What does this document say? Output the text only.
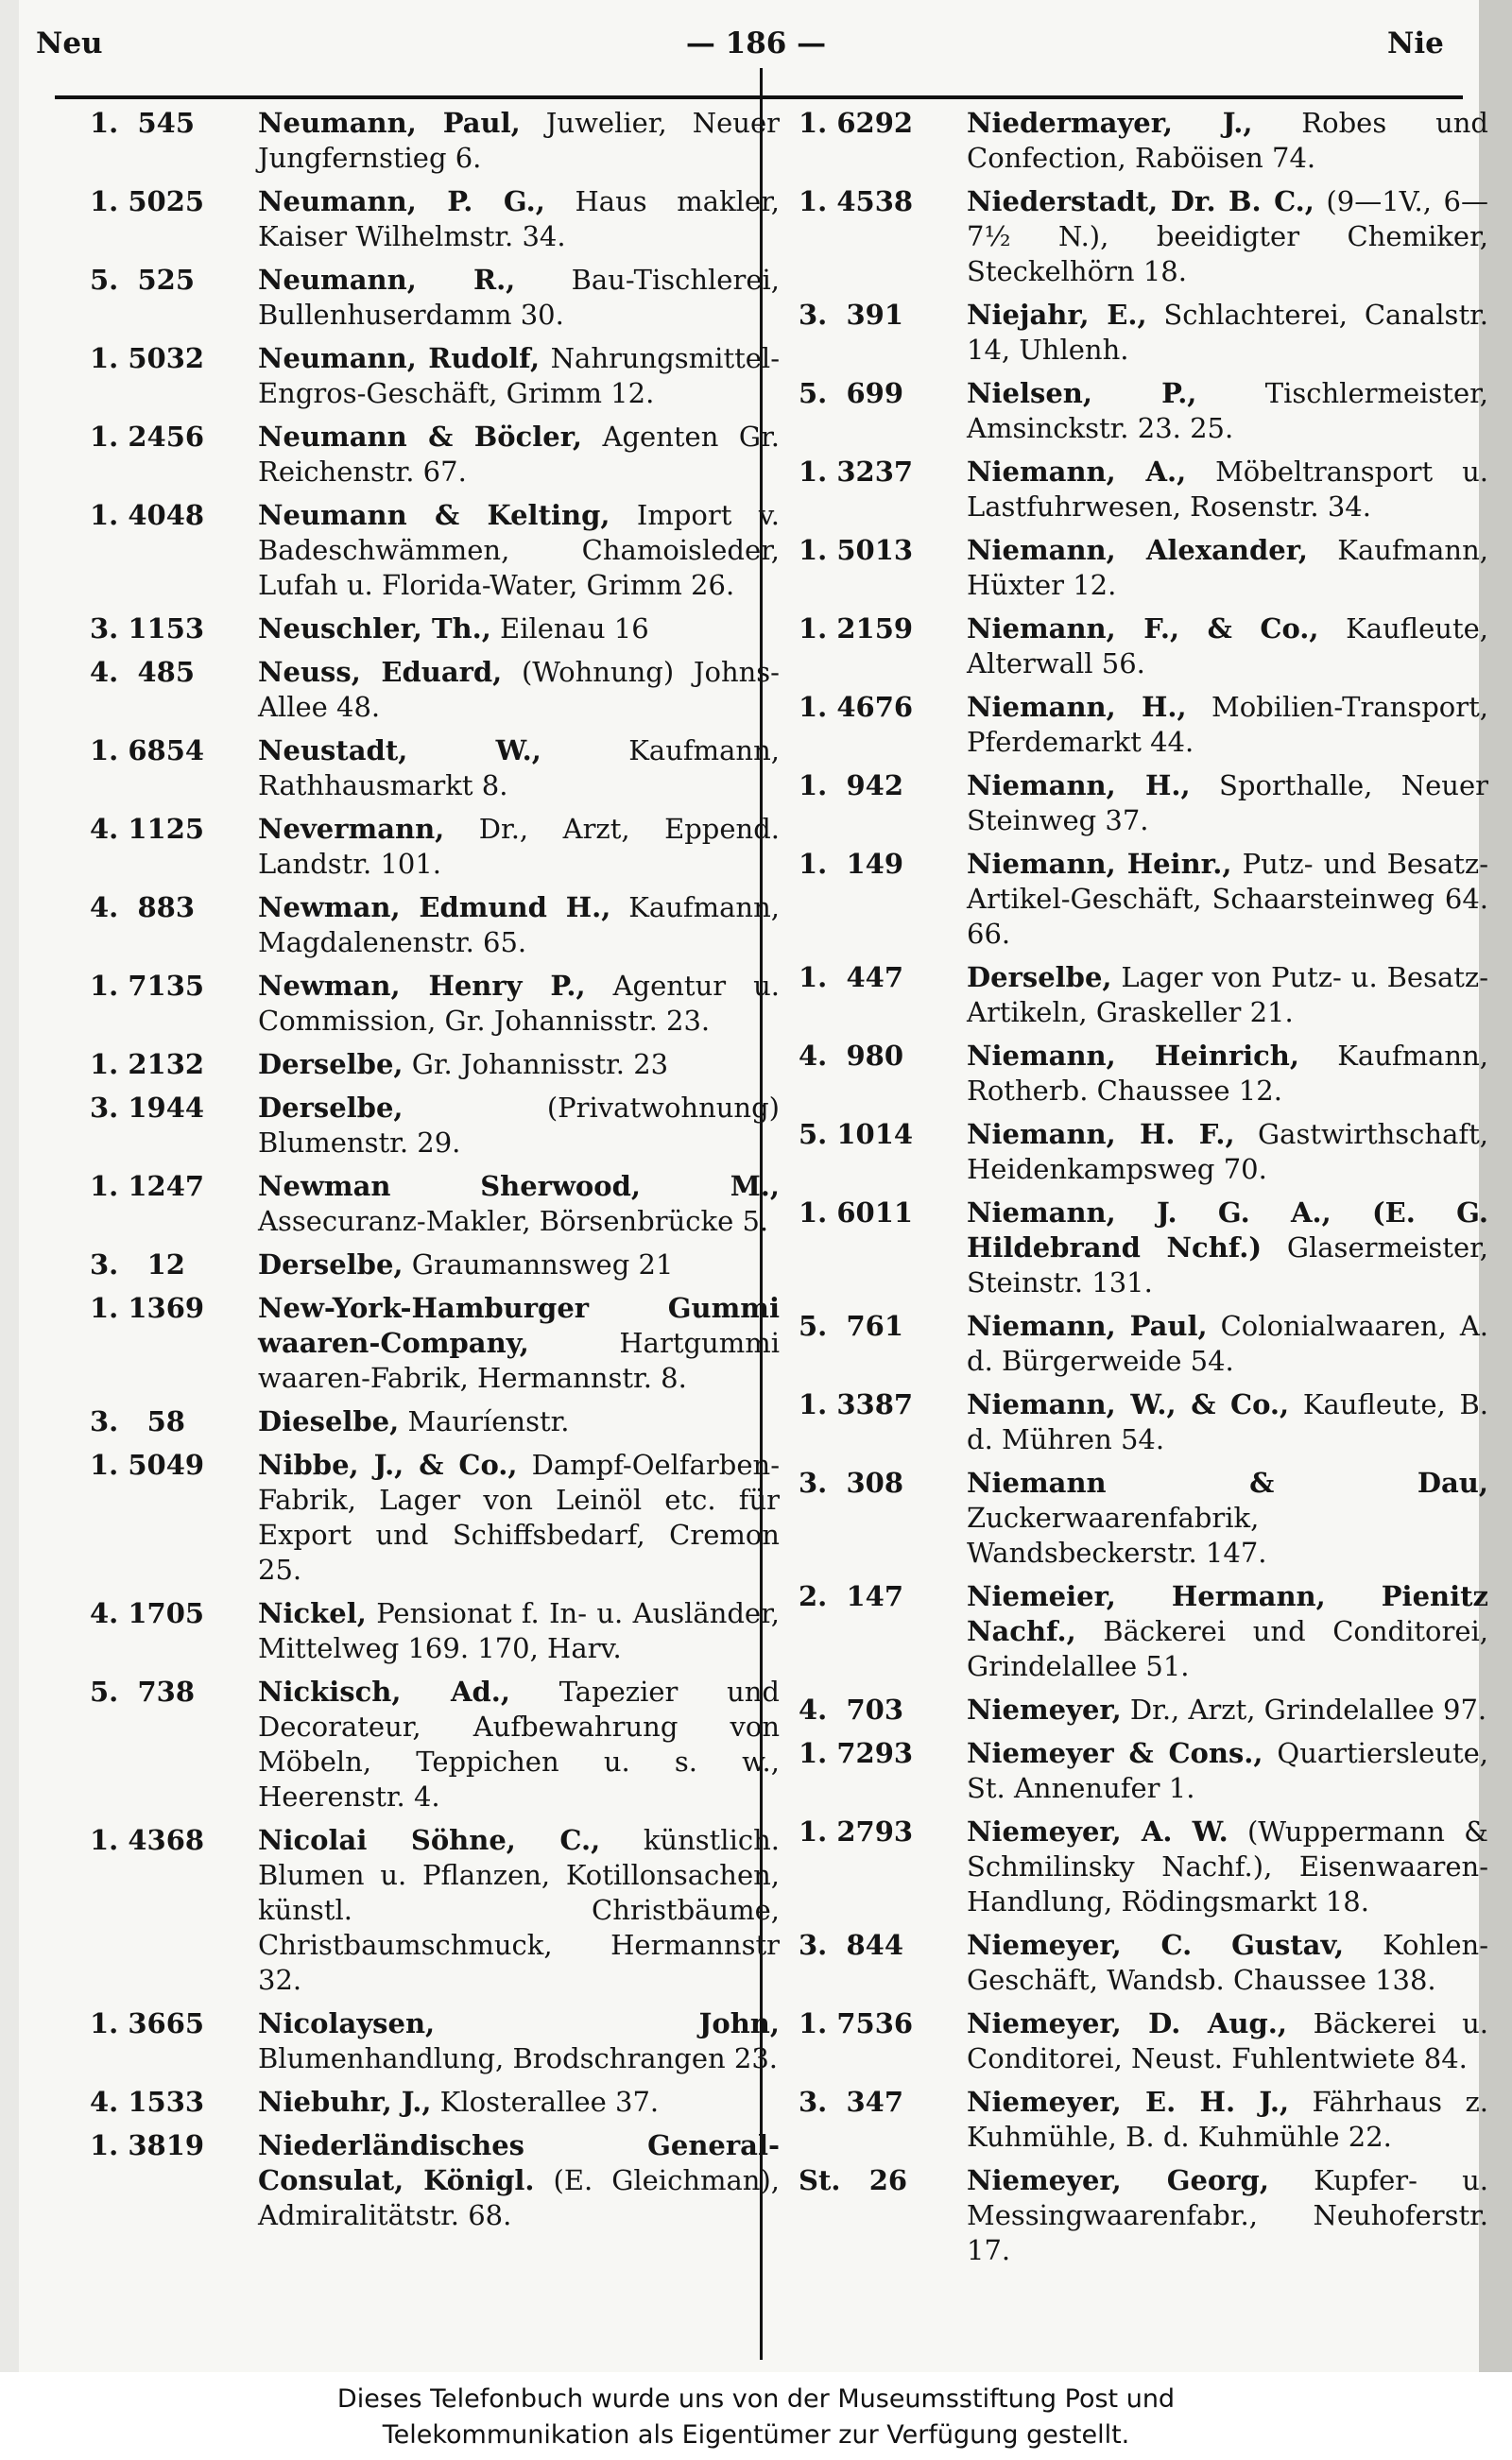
Neu	— 186 —	Nie
1.  545	Neumann, Paul, Juwelier, Neuer Jungfernstieg 6.
1. 5025	Neumann, P. G., Haus makler, Kaiser Wilhelmstr. 34.
5.  525	Neumann, R., Bau-Tischlerei, Bullenhuserdamm 30.
1. 5032	Neumann, Rudolf, Nahrungsmittel-Engros-Geschäft, Grimm 12.
1. 2456	Neumann & Böcler, Agenten Gr. Reichenstr. 67.
1. 4048	Neumann & Kelting, Import v. Badeschwämmen, Chamoisleder, Lufah u. Florida-Water, Grimm 26.
3. 1153	Neuschler, Th., Eilenau 16
4.  485	Neuss, Eduard, (Wohnung) Johns-Allee 48.
1. 6854	Neustadt, W., Kaufmann, Rathhausmarkt 8.
4. 1125	Nevermann, Dr., Arzt, Eppend. Landstr. 101.
4.  883	Newman, Edmund H., Kaufmann, Magdalenenstr. 65.
1. 7135	Newman, Henry P., Agentur u. Commission, Gr. Johannisstr. 23.
1. 2132	Derselbe, Gr. Johannisstr. 23
3. 1944	Derselbe, (Privatwohnung) Blumenstr. 29.
1. 1247	Newman Sherwood, M., Assecuranz-Makler, Börsenbrücke 5.
3.   12	Derselbe, Graumannsweg 21
1. 1369	New-York-Hamburger Gummi waaren-Company, Hartgummi waaren-Fabrik, Hermannstr. 8.
3.   58	Dieselbe, Mauríenstr.
1. 5049	Nibbe, J., & Co., Dampf-Oelfarben-Fabrik, Lager von Leinöl etc. für Export und Schiffsbedarf, Cremon 25.
4. 1705	Nickel, Pensionat f. In- u. Ausländer, Mittelweg 169. 170, Harv.
5.  738	Nickisch, Ad., Tapezier und Decorateur, Aufbewahrung von Möbeln, Teppichen u. s. w., Heerenstr. 4.
1. 4368	Nicolai Söhne, C., künstlich. Blumen u. Pflanzen, Kotillonsachen, künstl. Christbäume, Christbaumschmuck, Hermannstr 32.
1. 3665	Nicolaysen, John, Blumenhandlung, Brodschrangen 23.
4. 1533	Niebuhr, J., Klosterallee 37.
1. 3819	Niederländisches General-Consulat, Königl. (E. Gleichman), Admiralitätstr. 68.
1. 6292	Niedermayer, J., Robes und Confection, Raböisen 74.
1. 4538	Niederstadt, Dr. B. C., (9—1V., 6—7½ N.), beeidigter Chemiker, Steckelhörn 18.
3.  391	Niejahr, E., Schlachterei, Canalstr. 14, Uhlenh.
5.  699	Nielsen, P., Tischlermeister, Amsinckstr. 23. 25.
1. 3237	Niemann, A., Möbeltransport u. Lastfuhrwesen, Rosenstr. 34.
1. 5013	Niemann, Alexander, Kaufmann, Hüxter 12.
1. 2159	Niemann, F., & Co., Kaufleute, Alterwall 56.
1. 4676	Niemann, H., Mobilien-Transport, Pferdemarkt 44.
1.  942	Niemann, H., Sporthalle, Neuer Steinweg 37.
1.  149	Niemann, Heinr., Putz- und Besatz-Artikel-Geschäft, Schaarsteinweg 64. 66.
1.  447	Derselbe, Lager von Putz- u. Besatz-Artikeln, Graskeller 21.
4.  980	Niemann, Heinrich, Kaufmann, Rotherb. Chaussee 12.
5. 1014	Niemann, H. F., Gastwirthschaft, Heidenkampsweg 70.
1. 6011	Niemann, J. G. A., (E. G. Hildebrand Nchf.) Glasermeister, Steinstr. 131.
5.  761	Niemann, Paul, Colonialwaaren, A. d. Bürgerweide 54.
1. 3387	Niemann, W., & Co., Kaufleute, B. d. Mühren 54.
3.  308	Niemann & Dau, Zuckerwaarenfabrik, Wandsbeckerstr. 147.
2.  147	Niemeier, Hermann, Pienitz Nachf., Bäckerei und Conditorei, Grindelallee 51.
4.  703	Niemeyer, Dr., Arzt, Grindelallee 97.
1. 7293	Niemeyer & Cons., Quartiersleute, St. Annenufer 1.
1. 2793	Niemeyer, A. W. (Wuppermann & Schmilinsky Nachf.), Eisenwaaren-Handlung, Rödingsmarkt 18.
3.  844	Niemeyer, C. Gustav, Kohlen-Geschäft, Wandsb. Chaussee 138.
1. 7536	Niemeyer, D. Aug., Bäckerei u. Conditorei, Neust. Fuhlentwiete 84.
3.  347	Niemeyer, E. H. J., Fährhaus z. Kuhmühle, B. d. Kuhmühle 22.
St.   26	Niemeyer, Georg, Kupfer- u. Messingwaarenfabr., Neuhoferstr. 17.
Dieses Telefonbuch wurde uns von der Museumsstiftung Post und
Telekommunikation als Eigentümer zur Verfügung gestellt.
